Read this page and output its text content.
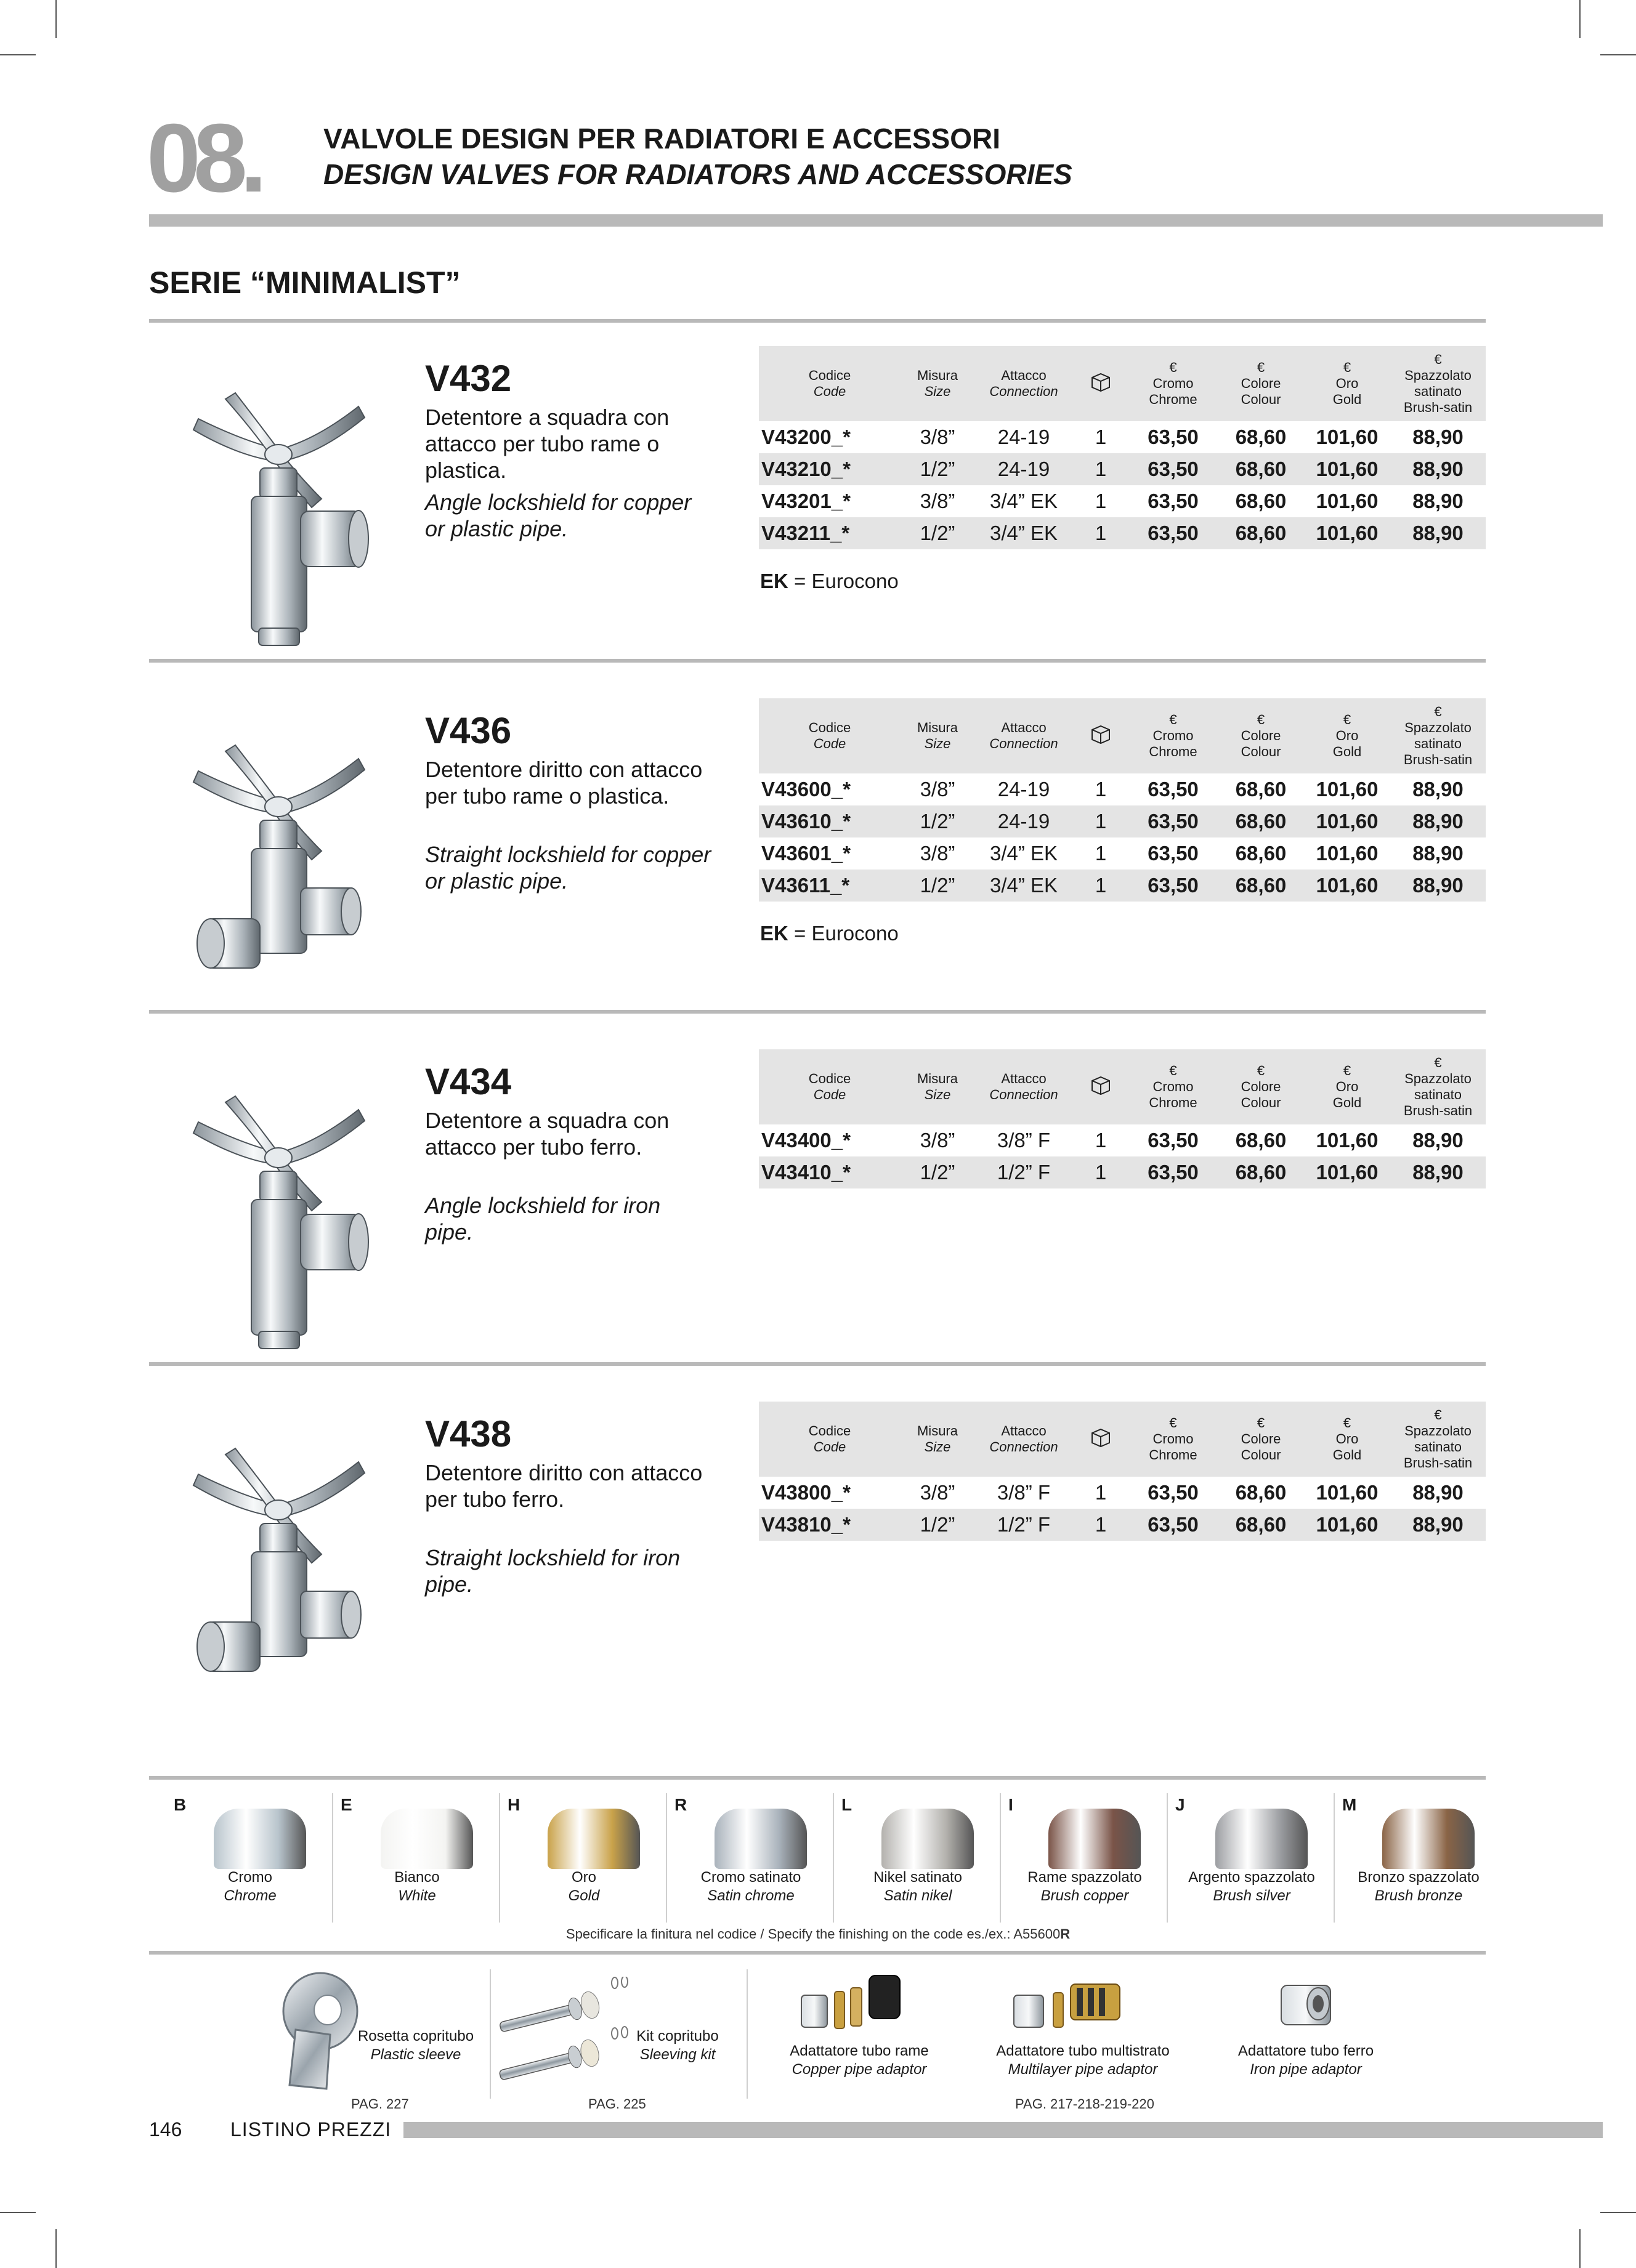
08. VALVOLE DESIGN PER RADIATORI E ACCESSORI
DESIGN VALVES FOR RADIATORS AND ACCESSORIES
SERIE “MINIMALIST”
V432
Detentore a squadra con attacco per tubo rame o plastica.
Angle lockshield for copper or plastic pipe.
Codice
Code	Misura
Size	Attacco
Connection		€
Cromo
Chrome	€
Colore
Colour	€
Oro
Gold	€
Spazzolato
satinato
Brush-satin
V43200_*	3/8”	24-19	1	63,50	68,60	101,60	88,90
V43210_*	1/2”	24-19	1	63,50	68,60	101,60	88,90
V43201_*	3/8”	3/4” EK	1	63,50	68,60	101,60	88,90
V43211_*	1/2”	3/4” EK	1	63,50	68,60	101,60	88,90
EK = Eurocono
V436
Detentore diritto con attacco per tubo rame o plastica.
Straight lockshield for copper or plastic pipe.
Codice
Code	Misura
Size	Attacco
Connection		€
Cromo
Chrome	€
Colore
Colour	€
Oro
Gold	€
Spazzolato
satinato
Brush-satin
V43600_*	3/8”	24-19	1	63,50	68,60	101,60	88,90
V43610_*	1/2”	24-19	1	63,50	68,60	101,60	88,90
V43601_*	3/8”	3/4” EK	1	63,50	68,60	101,60	88,90
V43611_*	1/2”	3/4” EK	1	63,50	68,60	101,60	88,90
EK = Eurocono
V434
Detentore a squadra con attacco per tubo ferro.
Angle lockshield for iron pipe.
Codice
Code	Misura
Size	Attacco
Connection		€
Cromo
Chrome	€
Colore
Colour	€
Oro
Gold	€
Spazzolato
satinato
Brush-satin
V43400_*	3/8”	3/8” F	1	63,50	68,60	101,60	88,90
V43410_*	1/2”	1/2” F	1	63,50	68,60	101,60	88,90
V438
Detentore diritto con attacco per tubo ferro.
Straight lockshield for iron pipe.
Codice
Code	Misura
Size	Attacco
Connection		€
Cromo
Chrome	€
Colore
Colour	€
Oro
Gold	€
Spazzolato
satinato
Brush-satin
V43800_*	3/8”	3/8” F	1	63,50	68,60	101,60	88,90
V43810_*	1/2”	1/2” F	1	63,50	68,60	101,60	88,90
B
Cromo
Chrome
E
Bianco
White
H
Oro
Gold
R
Cromo satinato
Satin chrome
L
Nikel satinato
Satin nikel
I
Rame spazzolato
Brush copper
J
Argento spazzolato
Brush silver
M
Bronzo spazzolato
Brush bronze
Specificare la finitura nel codice / Specify the finishing on the code es./ex.: A55600R
Rosetta copritubo
Plastic sleeve
Kit copritubo
Sleeving kit	Adattatore tubo rame
Copper pipe adaptor
Adattatore tubo multistrato
Multilayer pipe adaptor
Adattatore tubo ferro
Iron pipe adaptor
PAG. 227	PAG. 225	PAG. 217-218-219-220
146 LISTINO PREZZI
